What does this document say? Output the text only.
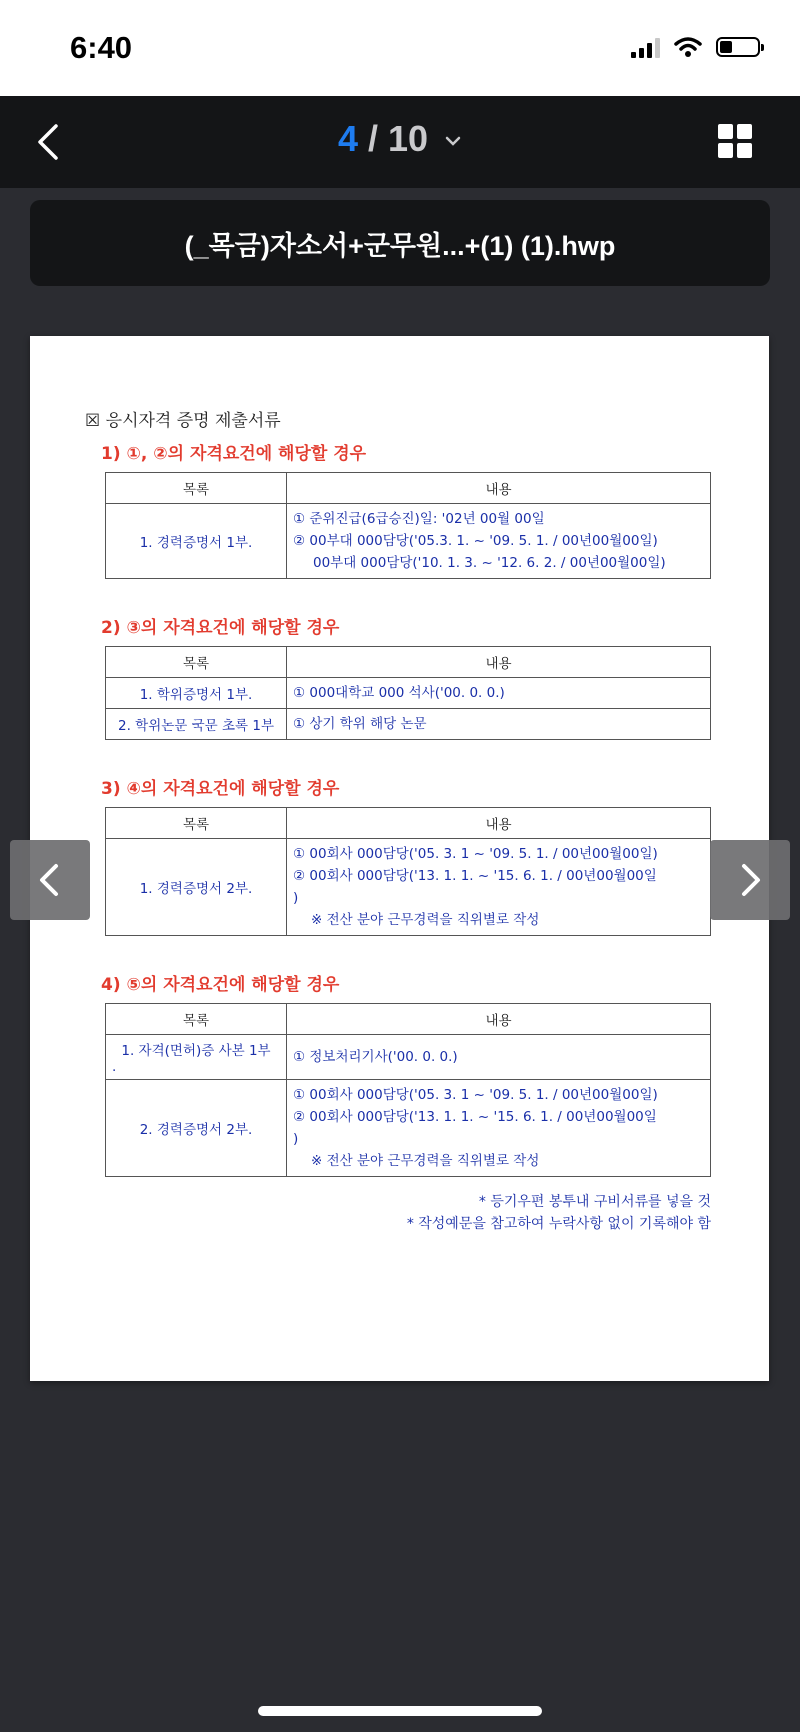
6:40
4 / 10
(_목금)자소서+군무원...+(1) (1).hwp
☒ 응시자격 증명 제출서류
1) ①, ②의 자격요건에 해당할 경우
목록	내용
1. 경력증명서 1부.	① 준위진급(6급승진)일: '02년 00월 00일
② 00부대 000담당('05.3. 1. ~ '09. 5. 1. / 00년00월00일)
00부대 000담당('10. 1. 3. ~ '12. 6. 2. / 00년00월00일)
2) ③의 자격요건에 해당할 경우
목록	내용
1. 학위증명서 1부.	① 000대학교 000 석사('00. 0. 0.)

2. 학위논문 국문 초록 1부	① 상기 학위 해당 논문
3) ④의 자격요건에 해당할 경우
목록	내용
1. 경력증명서 2부.	① 00회사 000담당('05. 3. 1 ~ '09. 5. 1. / 00년00월00일)
② 00회사 000담당('13. 1. 1. ~ '15. 6. 1. / 00년00월00일
)
※ 전산 분야 근무경력을 직위별로 작성
4) ⑤의 자격요건에 해당할 경우
목록	내용
1. 자격(면허)증 사본 1부

.	① 정보처리기사('00. 0. 0.)

2. 경력증명서 2부.	① 00회사 000담당('05. 3. 1 ~ '09. 5. 1. / 00년00월00일)
② 00회사 000담당('13. 1. 1. ~ '15. 6. 1. / 00년00월00일
)
※ 전산 분야 근무경력을 직위별로 작성
* 등기우편 봉투내 구비서류를 넣을 것
* 작성예문을 참고하여 누락사항 없이 기록해야 함
